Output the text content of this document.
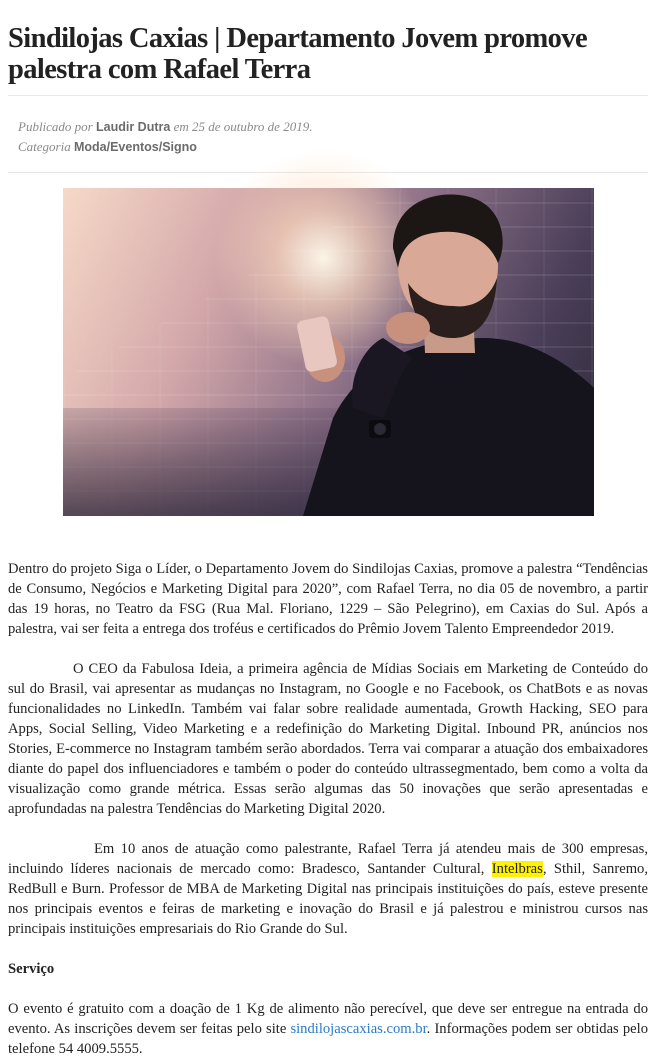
Sindilojas Caxias | Departamento Jovem promove palestra com Rafael Terra
Publicado por Laudir Dutra em 25 de outubro de 2019.
Categoria Moda/Eventos/Signo

Dentro do projeto Siga o Líder, o Departamento Jovem do Sindilojas Caxias, promove a palestra “Tendências de Consumo, Negócios e Marketing Digital para 2020”, com Rafael Terra, no dia 05 de novembro, a partir das 19 horas, no Teatro da FSG (Rua Mal. Floriano, 1229 – São Pelegrino), em Caxias do Sul. Após a palestra, vai ser feita a entrega dos troféus e certificados do Prêmio Jovem Talento Empreendedor 2019.

O CEO da Fabulosa Ideia, a primeira agência de Mídias Sociais em Marketing de Conteúdo do sul do Brasil, vai apresentar as mudanças no Instagram, no Google e no Facebook, os ChatBots e as novas funcionalidades no LinkedIn. Também vai falar sobre realidade aumentada, Growth Hacking, SEO para Apps, Social Selling, Video Marketing e a redefinição do Marketing Digital. Inbound PR, anúncios nos Stories, E-commerce no Instagram também serão abordados. Terra vai comparar a atuação dos embaixadores diante do papel dos influenciadores e também o poder do conteúdo ultrassegmentado, bem como a volta da visualização como grande métrica. Essas serão algumas das 50 inovações que serão apresentadas e aprofundadas na palestra Tendências do Marketing Digital 2020.

Em 10 anos de atuação como palestrante, Rafael Terra já atendeu mais de 300 empresas, incluindo líderes nacionais de mercado como: Bradesco, Santander Cultural, Intelbras, Sthil, Sanremo, RedBull e Burn. Professor de MBA de Marketing Digital nas principais instituições do país, esteve presente nos principais eventos e feiras de marketing e inovação do Brasil e já palestrou e ministrou cursos nas principais instituições empresariais do Rio Grande do Sul.

Serviço

O evento é gratuito com a doação de 1 Kg de alimento não perecível, que deve ser entregue na entrada do evento. As inscrições devem ser feitas pelo site sindilojascaxias.com.br. Informações podem ser obtidas pelo telefone 54 4009.5555.
